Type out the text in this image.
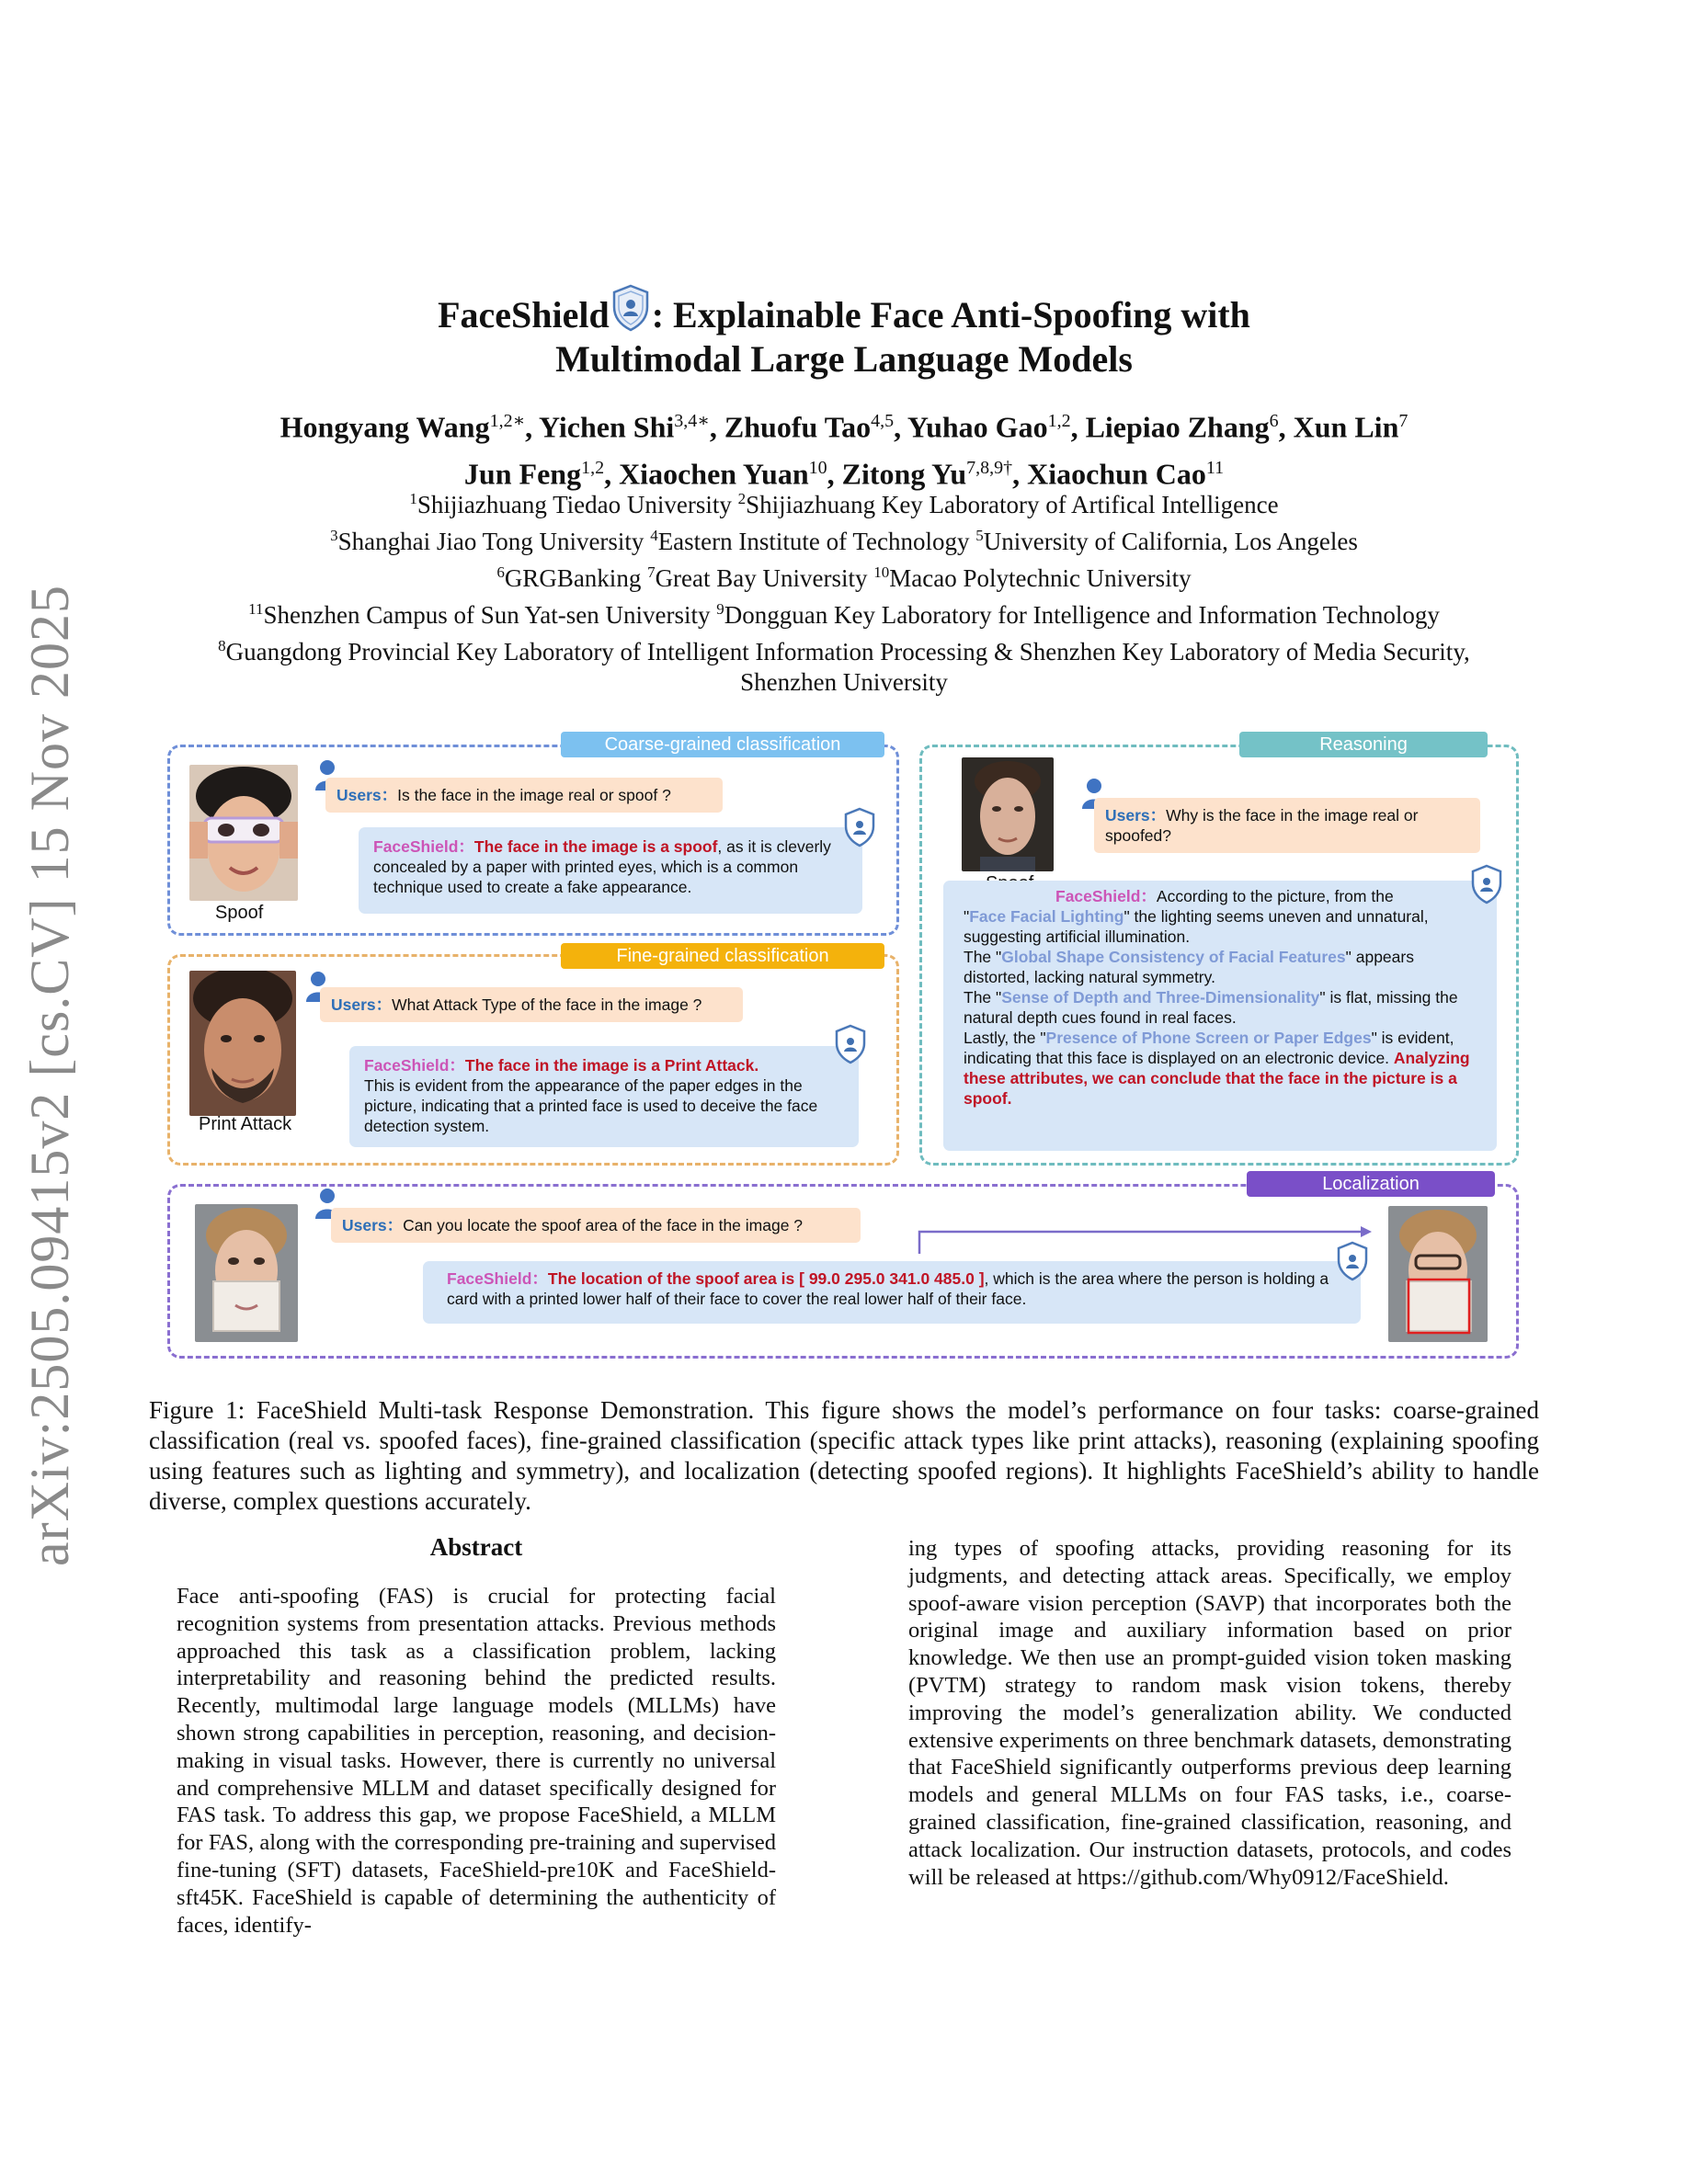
arXiv:2505.09415v2 [cs.CV] 15 Nov 2025
FaceShield : Explainable Face Anti-Spoofing with
Multimodal Large Language Models
Hongyang Wang$^{1,2∗}$, Yichen Shi$^{3,4∗}$, Zhuofu Tao$^{4,5}$, Yuhao Gao$^{1,2}$, Liepiao Zhang$^6$, Xun Lin$^7$
Jun Feng$^{1,2}$, Xiaochen Yuan$^{10}$, Zitong $Yu^{7,8,9\dagger}$, Xiaochun Cao$^{11}$
$^1$Shijiazhuang Tiedao University $^2$Shijiazhuang Key Laboratory of Artifical Intelligence
$^3$Shanghai Jiao Tong University $^4$Eastern Institute of Technology $^5$University of California, Los Angeles
$^6$GRGBanking $^7$Great Bay University $^{10}$Macao Polytechnic University
$^{11}$Shenzhen Campus of Sun Yat-sen University $^9$Dongguan Key Laboratory for Intelligence and Information Technology
$^8$Guangdong Provincial Key Laboratory of Intelligent Information Processing & Shenzhen Key Laboratory of Media Security,
Shenzhen University
Coarse-grained classification
Spoof
Users：Is the face in the image real or spoof ?
FaceShield：The face in the image is a spoof, as it is cleverly concealed by a paper with printed eyes, which is a common technique used to create a fake appearance.
Fine-grained classification
Print Attack
Users：What Attack Type of the face in the image ?
FaceShield：The face in the image is a Print Attack.
This is evident from the appearance of the paper edges in the picture, indicating that a printed face is used to deceive the face detection system.
Reasoning
Users：Why is the face in the image real or spoofed?
FaceShield：According to the picture, from the
"Face Facial Lighting" the lighting seems uneven and unnatural, suggesting artificial illumination.
The "Global Shape Consistency of Facial Features" appears distorted, lacking natural symmetry.
The "Sense of Depth and Three-Dimensionality" is flat, missing the natural depth cues found in real faces.
Lastly, the "Presence of Phone Screen or Paper Edges" is evident, indicating that this face is displayed on an electronic device. Analyzing these attributes, we can conclude that the face in the picture is a spoof.
Localization
Users：Can you locate the spoof area of the face in the image ?
FaceShield：The location of the spoof area is [ 99.0 295.0 341.0 485.0 ], which is the area where the person is holding a card with a printed lower half of their face to cover the real lower half of their face.
Figure 1: FaceShield Multi-task Response Demonstration. This figure shows the model’s performance on four tasks: coarse-grained classification (real vs. spoofed faces), fine-grained classification (specific attack types like print attacks), reasoning (explaining spoofing using features such as lighting and symmetry), and localization (detecting spoofed regions). It highlights FaceShield’s ability to handle diverse, complex questions accurately.
Abstract

Face anti-spoofing (FAS) is crucial for protecting facial recognition systems from presentation attacks. Previous methods approached this task as a classification problem, lacking interpretability and reasoning behind the predicted results. Recently, multimodal large language models (MLLMs) have shown strong capabilities in perception, reasoning, and decision-making in visual tasks. However, there is currently no universal and comprehensive MLLM and dataset specifically designed for FAS task. To address this gap, we propose FaceShield, a MLLM for FAS, along with the corresponding pre-training and supervised fine-tuning (SFT) datasets, FaceShield-pre10K and FaceShield-sft45K. FaceShield is capable of determining the authenticity of faces, identify-

ing types of spoofing attacks, providing reasoning for its judgments, and detecting attack areas. Specifically, we employ spoof-aware vision perception (SAVP) that incorporates both the original image and auxiliary information based on prior knowledge. We then use an prompt-guided vision token masking (PVTM) strategy to random mask vision tokens, thereby improving the model’s generalization ability. We conducted extensive experiments on three benchmark datasets, demonstrating that FaceShield significantly outperforms previous deep learning models and general MLLMs on four FAS tasks, i.e., coarse-grained classification, fine-grained classification, reasoning, and attack localization. Our instruction datasets, protocols, and codes will be released at https://github.com/Why0912/FaceShield.
